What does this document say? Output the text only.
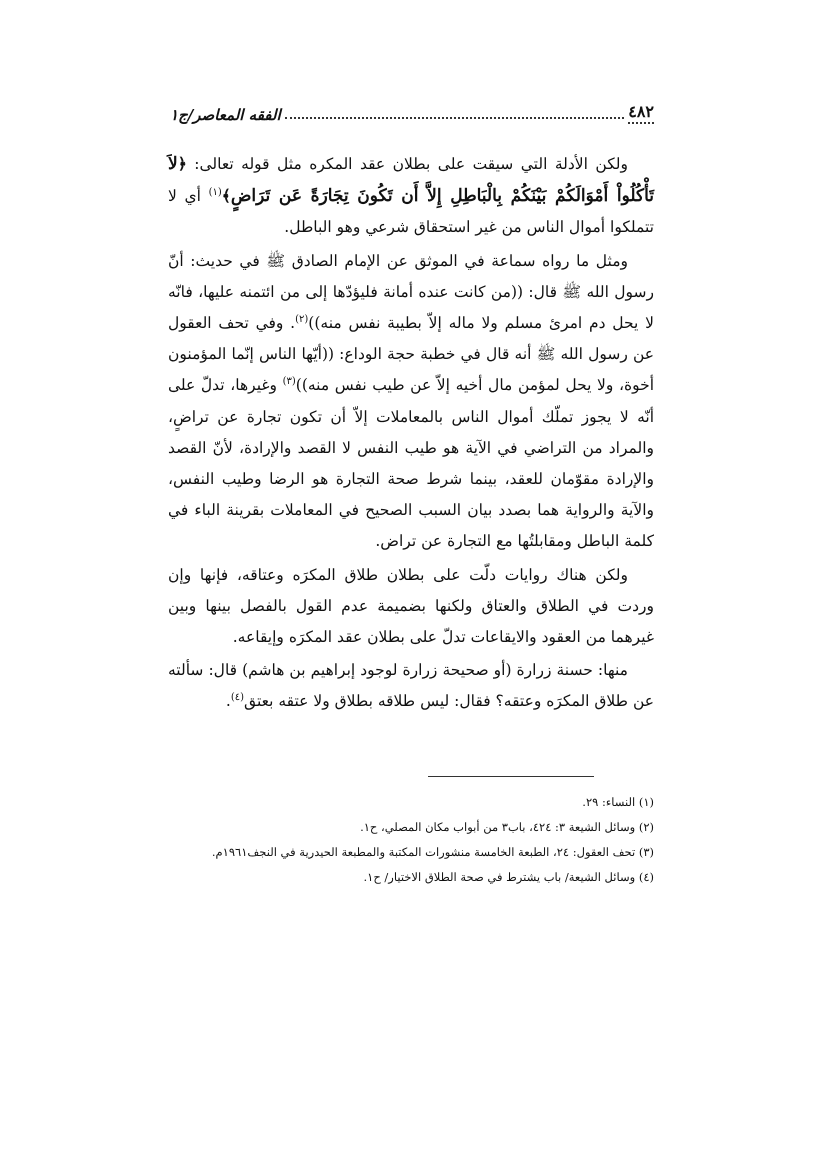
٤٨٢
الفقه المعاصر/ج١

ولكن الأدلة التي سيقت على بطلان عقد المكره مثل قوله تعالى: ﴿لاَ تَأْكُلُواْ أَمْوَالَكُمْ بَيْنَكُمْ بِالْبَاطِلِ إِلاَّ أَن تَكُونَ تِجَارَةً عَن تَرَاضٍ﴾$^{(١)}$ أي لا تتملكوا أموال الناس من غير استحقاق شرعي وهو الباطل.

ومثل ما رواه سماعة في الموثق عن الإمام الصادق ﷺ في حديث: أنّ رسول الله ﷺ قال: ((من كانت عنده أمانة فليؤدّها إلى من ائتمنه عليها، فانّه لا يحل دم امرئ مسلم ولا ماله إلاّ بطيبة نفس منه))$^{(٢)}$. وفي تحف العقول عن رسول الله ﷺ أنه قال في خطبة حجة الوداع: ((أيّها الناس إنّما المؤمنون أخوة، ولا يحل لمؤمن مال أخيه إلاّ عن طيب نفس منه))$^{(٣)}$ وغيرها، تدلّ على أنّه لا يجوز تملّك أموال الناس بالمعاملات إلاّ أن تكون تجارة عن تراضٍ، والمراد من التراضي في الآية هو طيب النفس لا القصد والإرادة، لأنّ القصد والإرادة مقوّمان للعقد، بينما شرط صحة التجارة هو الرضا وطيب النفس، والآية والرواية هما بصدد بيان السبب الصحيح في المعاملات بقرينة الباء في كلمة الباطل ومقابلتُها مع التجارة عن تراض.

ولكن هناك روايات دلّت على بطلان طلاق المكرَه وعتاقه، فإنها وإن وردت في الطلاق والعتاق ولكنها بضميمة عدم القول بالفصل بينها وبين غيرهما من العقود والايقاعات تدلّ على بطلان عقد المكرَه وإيقاعه.

منها: حسنة زرارة (أو صحيحة زرارة لوجود إبراهيم بن هاشم) قال: سألته عن طلاق المكرَه وعتقه؟ فقال: ليس طلاقه بطلاق ولا عتقه بعتق$^{(٤)}$.

(١) النساء: ٢٩.
(٢) وسائل الشيعة ٣: ٤٢٤، باب٣ من أبواب مكان المصلي، ح١.
(٣) تحف العقول: ٢٤، الطبعة الخامسة منشورات المكتبة والمطبعة الحيدرية في النجف١٩٦١م.
(٤) وسائل الشيعة/ باب يشترط في صحة الطلاق الاختيار/ ح١.
